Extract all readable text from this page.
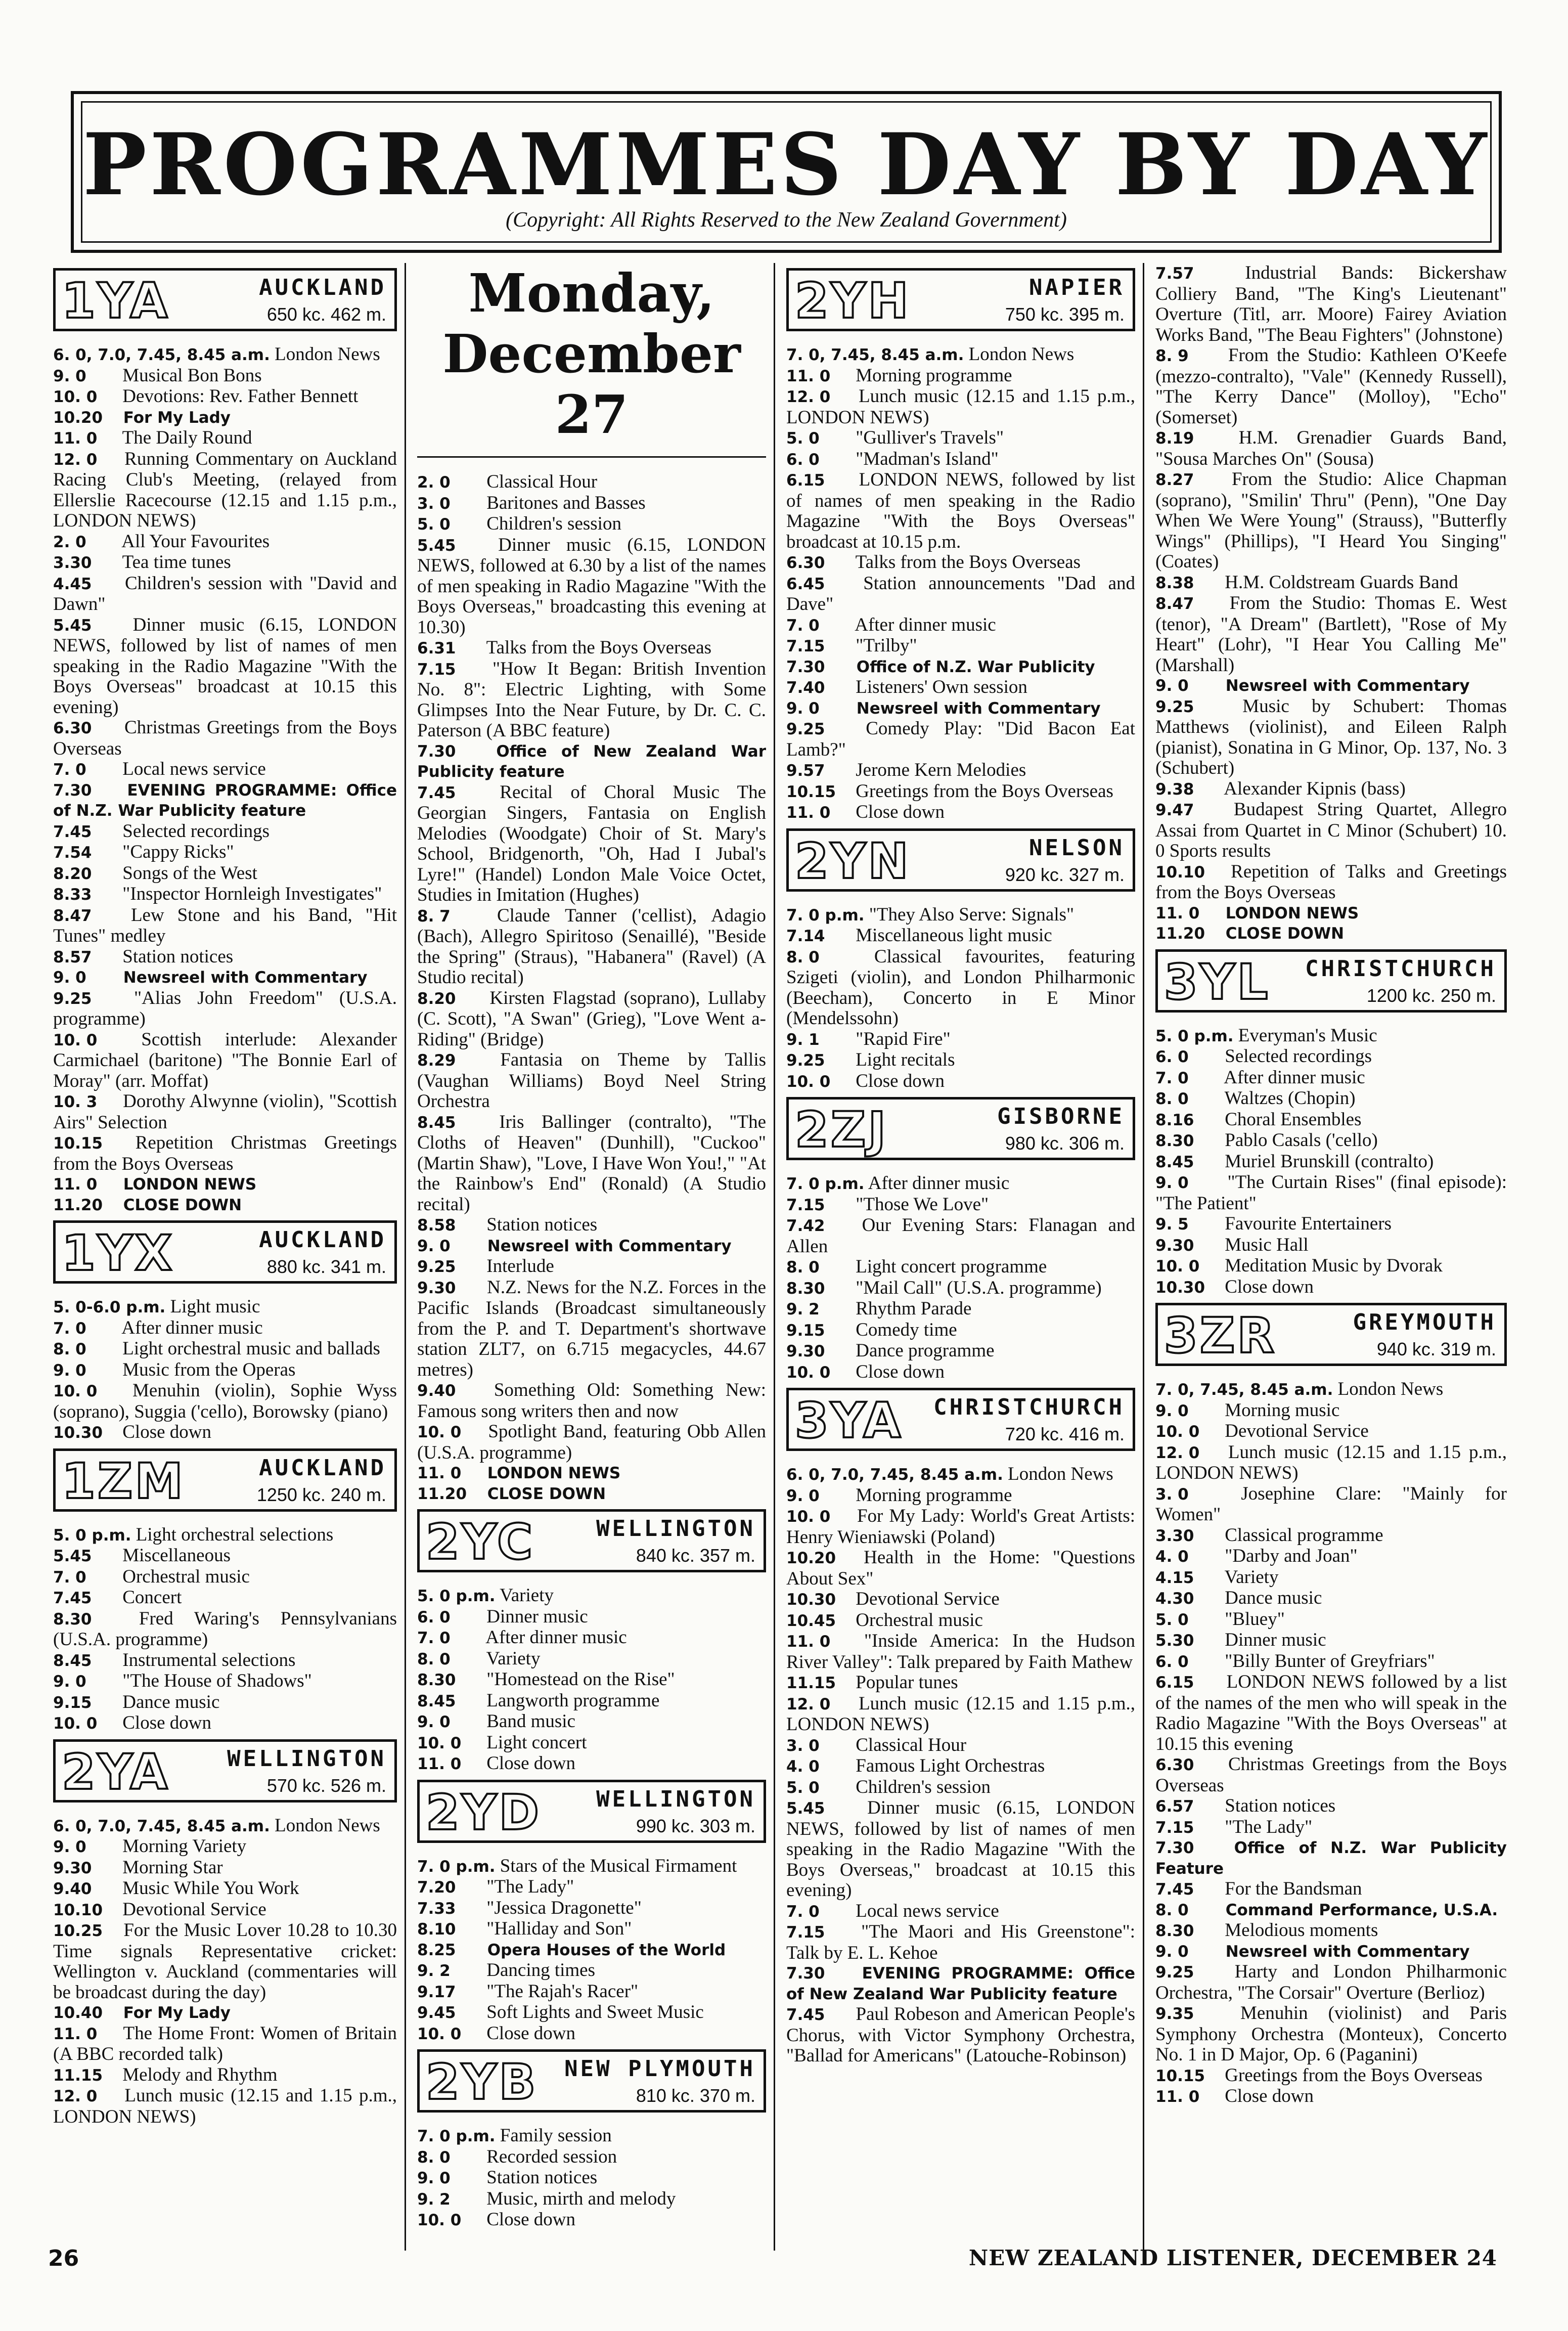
PROGRAMMES DAY BY DAY
(Copyright: All Rights Reserved to the New Zealand Government)
1YA	AUCKLAND
650 kc. 462 m.
6. 0, 7.0, 7.45, 8.45 a.m. London News
9. 0 Musical Bon Bons
10. 0 Devotions: Rev. Father Bennett
10.20 For My Lady
11. 0 The Daily Round
12. 0 Running Commentary on Auckland Racing Club's Meeting, (relayed from Ellerslie Racecourse (12.15 and 1.15 p.m., LONDON NEWS)
2. 0 All Your Favourites
3.30 Tea time tunes
4.45 Children's session with "David and Dawn"
5.45 Dinner music (6.15, LONDON NEWS, followed by list of names of men speaking in the Radio Magazine "With the Boys Overseas" broadcast at 10.15 this evening)
6.30 Christmas Greetings from the Boys Overseas
7. 0 Local news service
7.30 EVENING PROGRAMME: Office of N.Z. War Publicity feature
7.45 Selected recordings
7.54 "Cappy Ricks"
8.20 Songs of the West
8.33 "Inspector Hornleigh Investigates"
8.47 Lew Stone and his Band, "Hit Tunes" medley
8.57 Station notices
9. 0 Newsreel with Commentary
9.25 "Alias John Freedom" (U.S.A. programme)
10. 0 Scottish interlude: Alexander Carmichael (baritone) "The Bonnie Earl of Moray" (arr. Moffat)
10. 3 Dorothy Alwynne (violin), "Scottish Airs" Selection
10.15 Repetition Christmas Greetings from the Boys Overseas
11. 0 LONDON NEWS
11.20 CLOSE DOWN
1YX	AUCKLAND
880 kc. 341 m.
5. 0-6.0 p.m. Light music
7. 0 After dinner music
8. 0 Light orchestral music and ballads
9. 0 Music from the Operas
10. 0 Menuhin (violin), Sophie Wyss (soprano), Suggia ('cello), Borowsky (piano)
10.30 Close down
1ZM	AUCKLAND
1250 kc. 240 m.
5. 0 p.m. Light orchestral selections
5.45 Miscellaneous
7. 0 Orchestral music
7.45 Concert
8.30	Fred Waring's Pennsylvanians (U.S.A. programme)
8.45 Instrumental selections
9. 0 "The House of Shadows"
9.15 Dance music
10. 0 Close down
2YA	WELLINGTON
570 kc. 526 m.
6. 0, 7.0, 7.45, 8.45 a.m. London News
9. 0 Morning Variety
9.30 Morning Star
9.40 Music While You Work
10.10 Devotional Service
10.25 For the Music Lover 10.28 to 10.30 Time signals Representative cricket: Wellington v. Auckland (commentaries will be broadcast during the day)
10.40 For My Lady
11. 0 The Home Front: Women of Britain (A BBC recorded talk)
11.15 Melody and Rhythm
12. 0 Lunch music (12.15 and 1.15 p.m., LONDON NEWS)
Monday, December 27
2. 0 Classical Hour
3. 0 Baritones and Basses
5. 0 Children's session
5.45 Dinner music (6.15, LONDON NEWS, followed at 6.30 by a list of the names of men speaking in Radio Magazine "With the Boys Overseas," broadcasting this evening at 10.30)
6.31 Talks from the Boys Overseas
7.15 "How It Began: British Invention No. 8": Electric Lighting, with Some Glimpses Into the Near Future, by Dr. C. C. Paterson (A BBC feature)
7.30	Office of New Zealand War Publicity feature
7.45 Recital of Choral Music The Georgian Singers, Fantasia on English Melodies (Woodgate) Choir of St. Mary's School, Bridgenorth, "Oh, Had I Jubal's Lyre!" (Handel) London Male Voice Octet, Studies in Imitation (Hughes)
8. 7 Claude Tanner ('cellist), Adagio (Bach), Allegro Spiritoso (Senaillé), "Beside the Spring" (Straus), "Habanera" (Ravel) (A Studio recital)
8.20 Kirsten Flagstad (soprano), Lullaby (C. Scott), "A Swan" (Grieg), "Love Went a-Riding" (Bridge)
8.29 Fantasia on Theme by Tallis (Vaughan Williams) Boyd Neel String Orchestra
8.45 Iris Ballinger (contralto), "The Cloths of Heaven" (Dunhill), "Cuckoo" (Martin Shaw), "Love, I Have Won You!," "At the Rainbow's End" (Ronald) (A Studio recital)
8.58 Station notices
9. 0 Newsreel with Commentary
9.25 Interlude
9.30 N.Z. News for the N.Z. Forces in the Pacific Islands (Broadcast simultaneously from the P. and T. Department's shortwave station ZLT7, on 6.715 megacycles, 44.67 metres)
9.40 Something Old: Something New: Famous song writers then and now
10. 0 Spotlight Band, featuring Obb Allen (U.S.A. programme)
11. 0 LONDON NEWS
11.20 CLOSE DOWN
2YC	WELLINGTON
840 kc. 357 m.
5. 0 p.m. Variety
6. 0 Dinner music
7. 0 After dinner music
8. 0 Variety
8.30 "Homestead on the Rise"
8.45 Langworth programme
9. 0 Band music
10. 0 Light concert
11. 0 Close down
2YD WELLINGTON
990 kc. 303 m.
7. 0 p.m. Stars of the Musical Firmament
7.20 "The Lady"
7.33 "Jessica Dragonette"
8.10 "Halliday and Son"
8.25 Opera Houses of the World
9. 2 Dancing times
9.17 "The Rajah's Racer"
9.45 Soft Lights and Sweet Music
10. 0 Close down
2YB NEW PLYMOUTH
810 kc. 370 m.
7. 0 p.m. Family session
8. 0 Recorded session
9. 0 Station notices
9. 2 Music, mirth and melody
10. 0 Close down
2YH	NAPIER
750 kc. 395 m.
7. 0, 7.45, 8.45 a.m. London News
11. 0 Morning programme
12. 0 Lunch music (12.15 and 1.15 p.m., LONDON NEWS)
5. 0 "Gulliver's Travels"
6. 0 "Madman's Island"
6.15 LONDON NEWS, followed by list of names of men speaking in the Radio Magazine "With the Boys Overseas" broadcast at 10.15 p.m.
6.30 Talks from the Boys Overseas
6.45 Station announcements "Dad and Dave"
7. 0 After dinner music
7.15 "Trilby"
7.30 Office of N.Z. War Publicity
7.40 Listeners' Own session
9. 0 Newsreel with Commentary
9.25 Comedy Play: "Did Bacon Eat Lamb?"
9.57 Jerome Kern Melodies
10.15 Greetings from the Boys Overseas
11. 0 Close down
2YN	NELSON
920 kc. 327 m.
7. 0 p.m. "They Also Serve: Signals"
7.14 Miscellaneous light music
8. 0	Classical favourites, featuring Szigeti (violin), and London Philharmonic (Beecham), Concerto in E Minor (Mendelssohn)
9. 1 "Rapid Fire"
9.25 Light recitals
10. 0 Close down
2ZJ	GISBORNE
980 kc. 306 m.
7. 0 p.m. After dinner music
7.15 "Those We Love"
7.42 Our Evening Stars: Flanagan and Allen
8. 0 Light concert programme
8.30 "Mail Call" (U.S.A. programme)
9. 2 Rhythm Parade
9.15 Comedy time
9.30 Dance programme
10. 0 Close down
3YA CHRISTCHURCH
720 kc. 416 m.
6. 0, 7.0, 7.45, 8.45 a.m. London News
9. 0 Morning programme
10. 0 For My Lady: World's Great Artists: Henry Wieniawski (Poland)
10.20 Health in the Home: "Questions About Sex"
10.30 Devotional Service
10.45 Orchestral music
11. 0 "Inside America: In the Hudson River Valley": Talk prepared by Faith Mathew
11.15 Popular tunes
12. 0 Lunch music (12.15 and 1.15 p.m., LONDON NEWS)
3. 0 Classical Hour
4. 0 Famous Light Orchestras
5. 0 Children's session
5.45 Dinner music (6.15, LONDON NEWS, followed by list of names of men speaking in the Radio Magazine "With the Boys Overseas," broadcast at 10.15 this evening)
7. 0 Local news service
7.15 "The Maori and His Greenstone": Talk by E. L. Kehoe
7.30 EVENING PROGRAMME: Office of New Zealand War Publicity feature
7.45 Paul Robeson and American People's Chorus, with Victor Symphony Orchestra, "Ballad for Americans" (Latouche-Robinson)
7.57	Industrial Bands: Bickershaw Colliery Band, "The King's Lieutenant" Overture (Titl, arr. Moore) Fairey Aviation Works Band, "The Beau Fighters" (Johnstone)
8. 9 From the Studio: Kathleen O'Keefe (mezzo-contralto), "Vale" (Kennedy Russell), "The Kerry Dance" (Molloy), "Echo" (Somerset)
8.19 H.M. Grenadier Guards Band, "Sousa Marches On" (Sousa)
8.27 From the Studio: Alice Chapman (soprano), "Smilin' Thru" (Penn), "One Day When We Were Young" (Strauss), "Butterfly Wings" (Phillips), "I Heard You Singing" (Coates)
8.38 H.M. Coldstream Guards Band
8.47 From the Studio: Thomas E. West (tenor), "A Dream" (Bartlett), "Rose of My Heart" (Lohr), "I Hear You Calling Me" (Marshall)
9. 0 Newsreel with Commentary
9.25	Music by Schubert: Thomas Matthews (violinist), and Eileen Ralph (pianist), Sonatina in G Minor, Op. 137, No. 3 (Schubert)
9.38 Alexander Kipnis (bass)
9.47 Budapest String Quartet, Allegro Assai from Quartet in C Minor (Schubert) 10. 0 Sports results
10.10 Repetition of Talks and Greetings from the Boys Overseas
11. 0 LONDON NEWS
11.20 CLOSE DOWN
3YL CHRISTCHURCH
1200 kc. 250 m.
5. 0 p.m. Everyman's Music
6. 0 Selected recordings
7. 0 After dinner music
8. 0 Waltzes (Chopin)
8.16 Choral Ensembles
8.30 Pablo Casals ('cello)
8.45 Muriel Brunskill (contralto)
9. 0 "The Curtain Rises" (final episode): "The Patient"
9. 5 Favourite Entertainers
9.30 Music Hall
10. 0 Meditation Music by Dvorak
10.30 Close down
3ZR	GREYMOUTH
940 kc. 319 m.
7. 0, 7.45, 8.45 a.m. London News
9. 0 Morning music
10. 0 Devotional Service
12. 0 Lunch music (12.15 and 1.15 p.m., LONDON NEWS)
3. 0	Josephine Clare: "Mainly for Women"
3.30 Classical programme
4. 0 "Darby and Joan"
4.15 Variety
4.30 Dance music
5. 0 "Bluey"
5.30 Dinner music
6. 0 "Billy Bunter of Greyfriars"
6.15 LONDON NEWS followed by a list of the names of the men who will speak in the Radio Magazine "With the Boys Overseas" at 10.15 this evening
6.30 Christmas Greetings from the Boys Overseas
6.57 Station notices
7.15 "The Lady"
7.30	Office of N.Z. War Publicity Feature
7.45 For the Bandsman
8. 0 Command Performance, U.S.A.
8.30 Melodious moments
9. 0 Newsreel with Commentary
9.25 Harty and London Philharmonic Orchestra, "The Corsair" Overture (Berlioz)
9.35 Menuhin (violinist) and Paris Symphony Orchestra (Monteux), Concerto No. 1 in D Major, Op. 6 (Paganini)
10.15 Greetings from the Boys Overseas
11. 0 Close down
26	NEW ZEALAND LISTENER, DECEMBER 24
